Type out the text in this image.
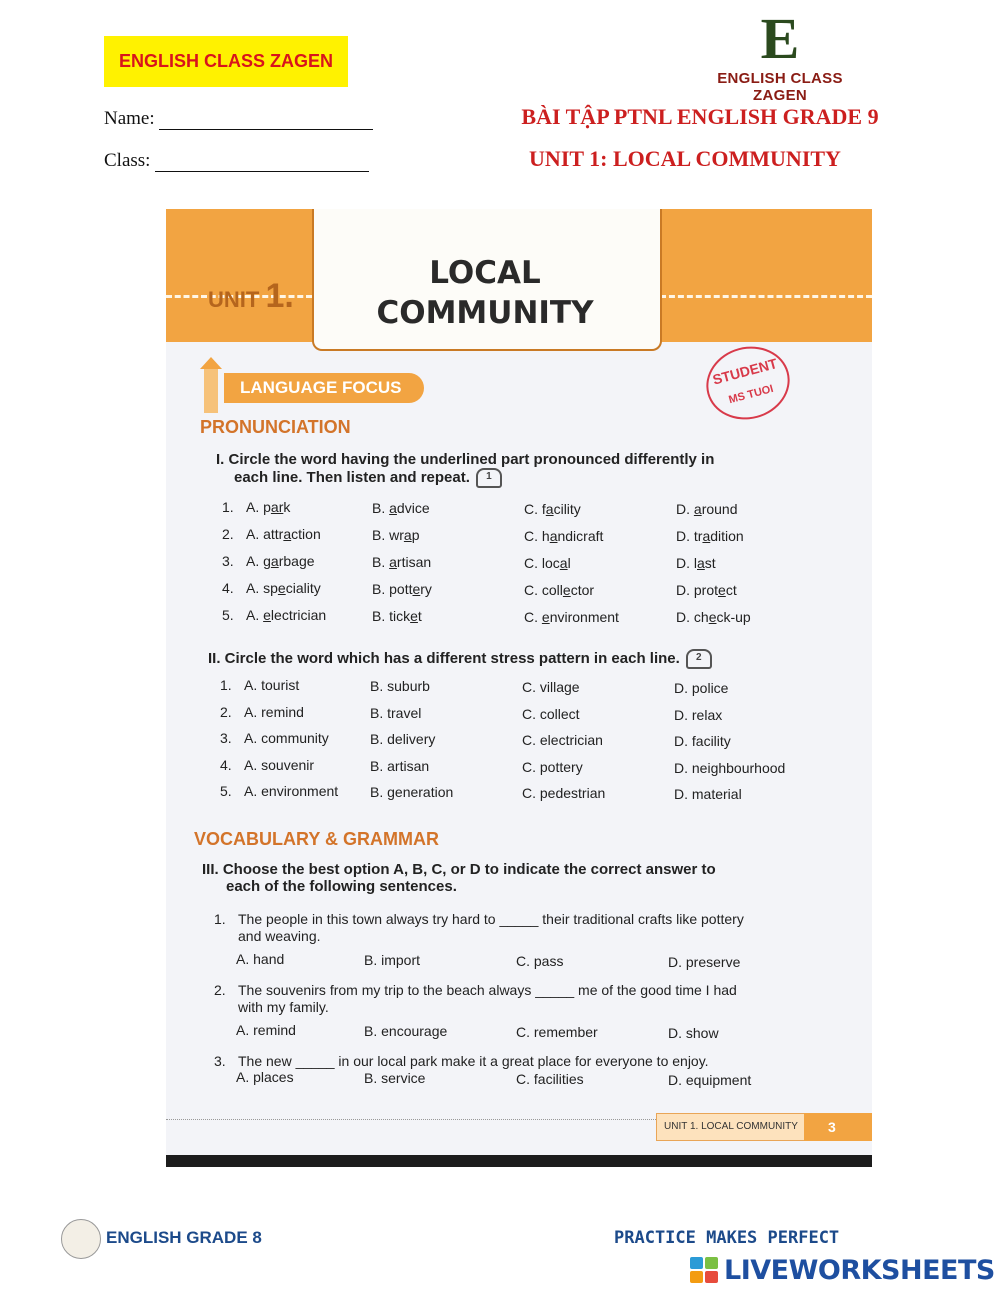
ENGLISH CLASS ZAGEN	E
ENGLISH CLASS ZAGEN
Name:
Class:
BÀI TẬP PTNL ENGLISH GRADE 9
UNIT 1: LOCAL COMMUNITY
UNIT 1.
LOCAL
COMMUNITY
LANGUAGE FOCUS	STUDENT
MS TUOI
PRONUNCIATION
I. Circle the word having the underlined part pronounced differently in
each line. Then listen and repeat. 1
1. A. park	B. advice	C. facility	D. around
2. A. attraction	B. wrap	C. handicraft	D. tradition
3. A. garbage	B. artisan	C. local	D. last
4. A. speciality	B. pottery	C. collector	D. protect
5. A. electrician	B. ticket	C. environment	D. check-up
II. Circle the word which has a different stress pattern in each line. 2
1. A. tourist	B. suburb	C. village	D. police
2. A. remind	B. travel	C. collect	D. relax
3. A. community	B. delivery	C. electrician	D. facility
4. A. souvenir	B. artisan	C. pottery	D. neighbourhood
5. A. environment B. generation	C. pedestrian	D. material
VOCABULARY & GRAMMAR
III. Choose the best option A, B, C, or D to indicate the correct answer to
each of the following sentences.
1. The people in this town always try hard to _____ their traditional crafts like pottery
and weaving.
A. hand	B. import	C. pass	D. preserve
2. The souvenirs from my trip to the beach always _____ me of the good time I had
with my family.
A. remind	B. encourage	C. remember	D. show
3. The new _____ in our local park make it a great place for everyone to enjoy.
A. places	B. service	C. facilities	D. equipment
UNIT 1. LOCAL COMMUNITY	3
ENGLISH GRADE 8	PRACTICE MAKES PERFECT
LIVEWORKSHEETS
